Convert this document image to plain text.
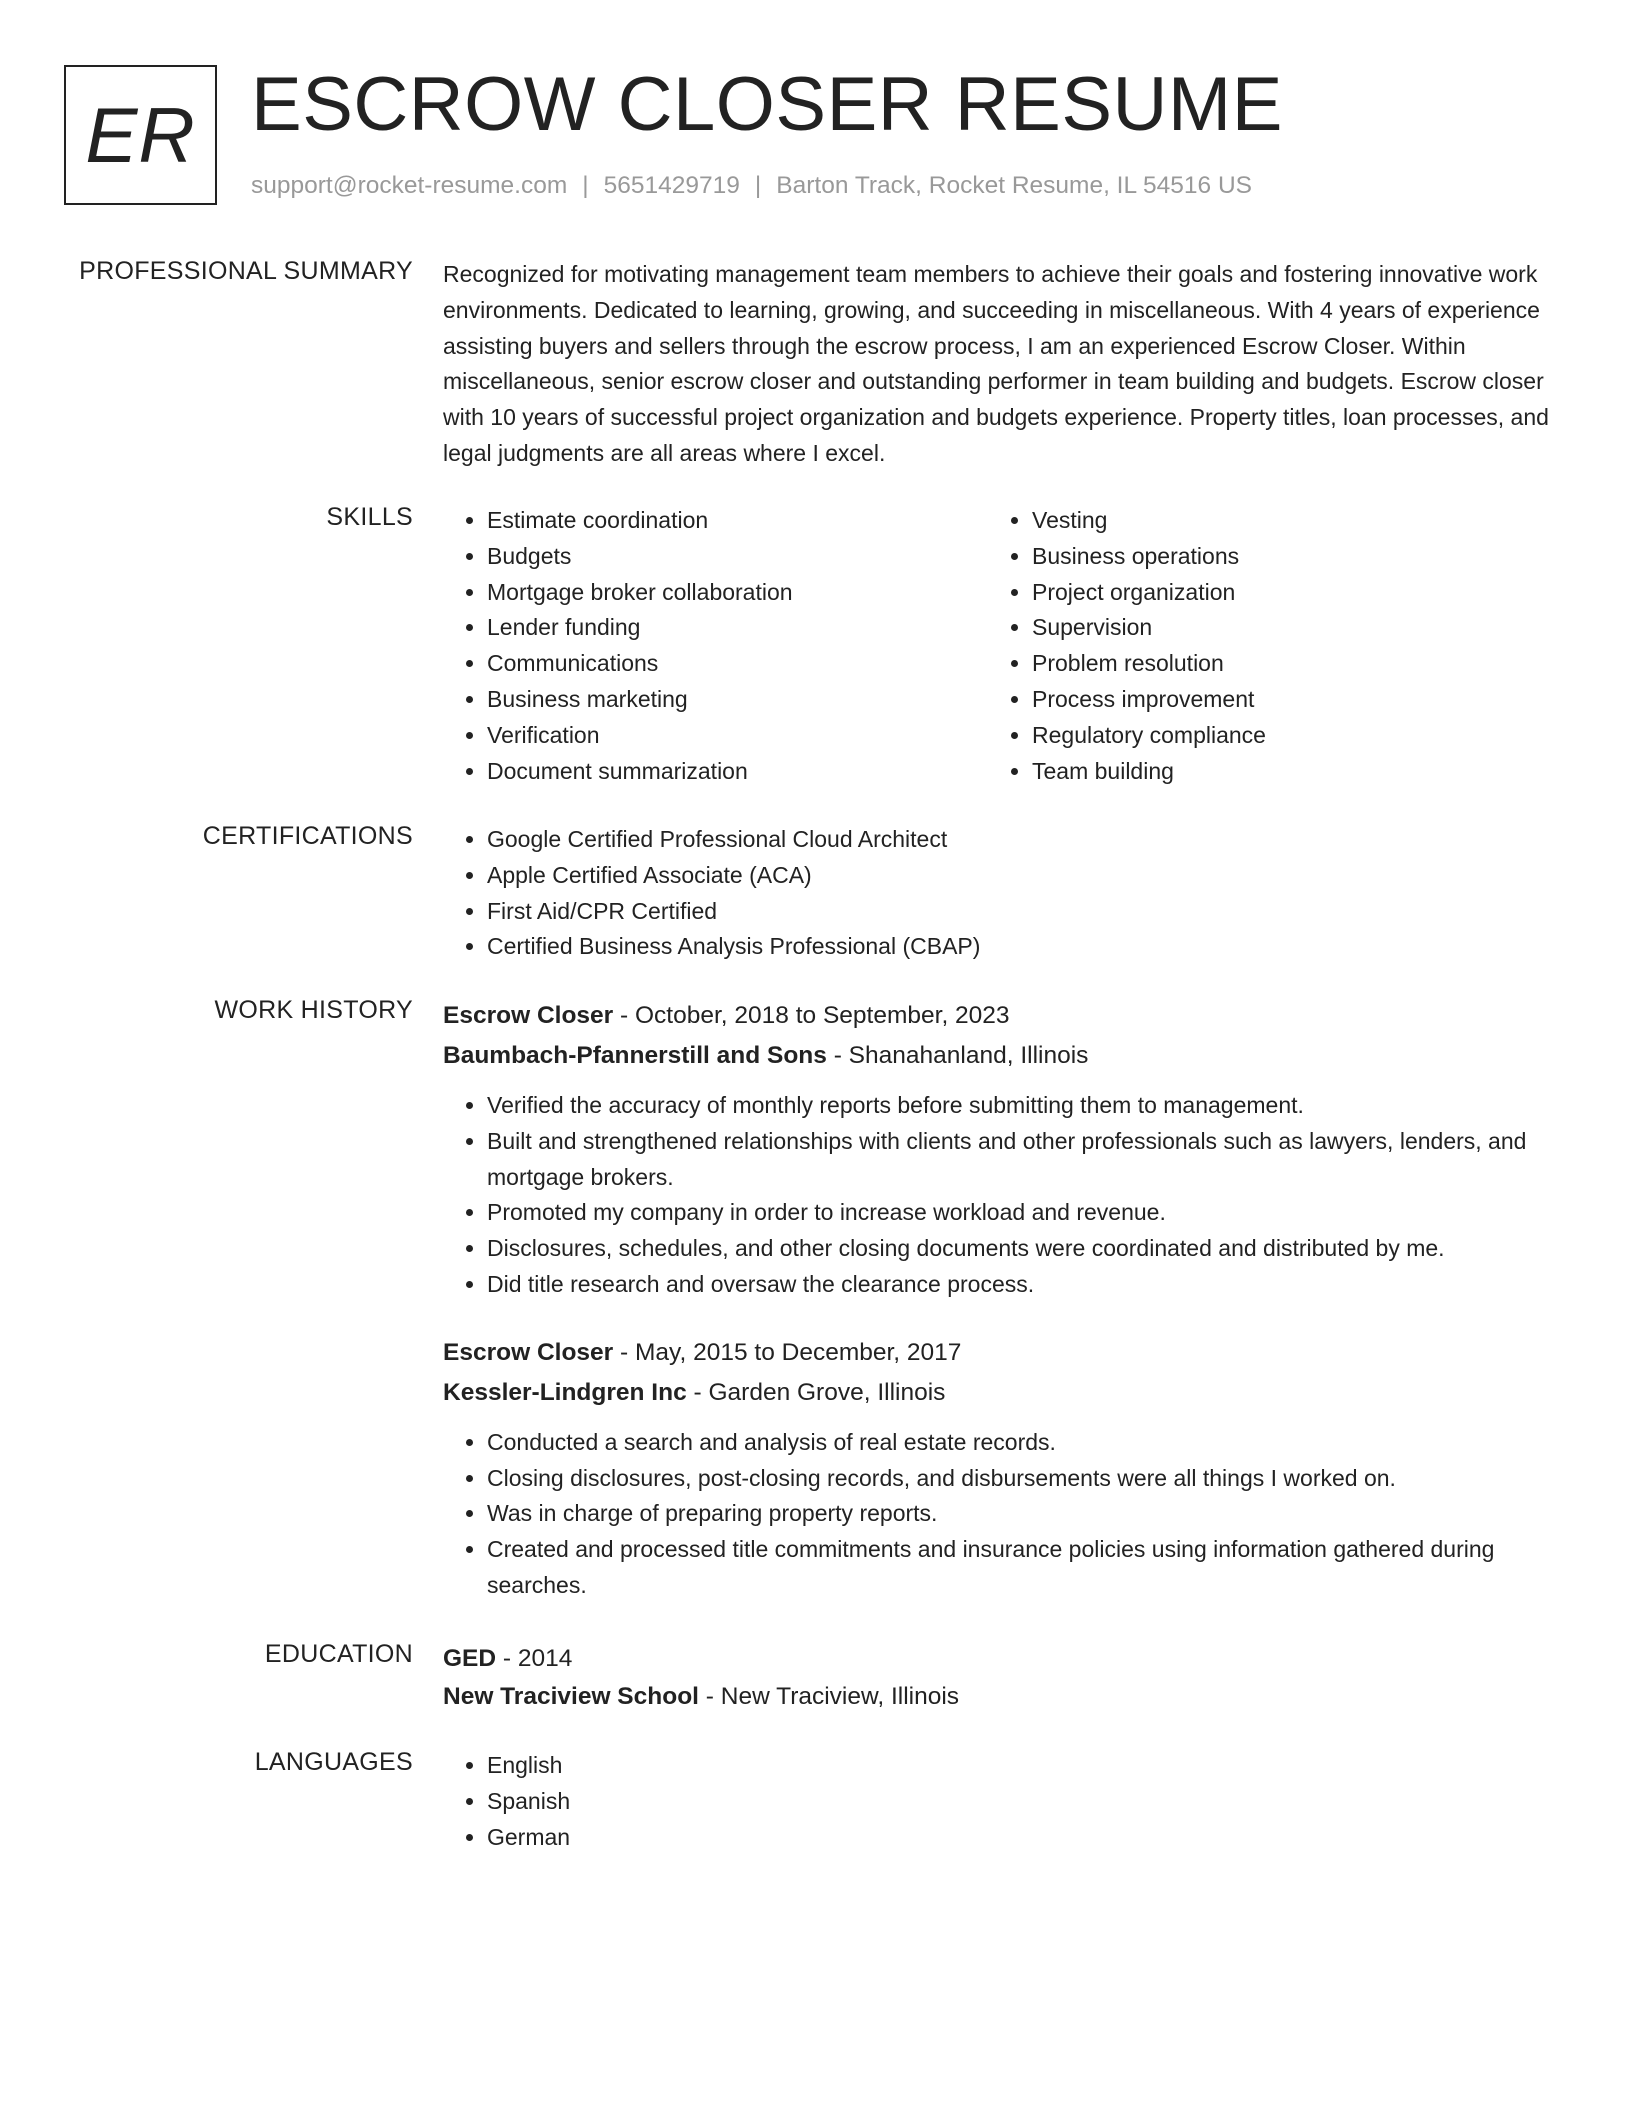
ER ESCROW CLOSER RESUME
support@rocket-resume.com | 5651429719 | Barton Track, Rocket Resume, IL 54516 US
PROFESSIONAL SUMMARY Recognized for motivating management team members to achieve their goals and fostering innovative work environments. Dedicated to learning, growing, and succeeding in miscellaneous. With 4 years of experience assisting buyers and sellers through the escrow process, I am an experienced Escrow Closer. Within miscellaneous, senior escrow closer and outstanding performer in team building and budgets. Escrow closer with 10 years of successful project organization and budgets experience. Property titles, loan processes, and legal judgments are all areas where I excel.

SKILLS	• Estimate coordination
• Budgets
• Mortgage broker collaboration
• Lender funding
• Communications
• Business marketing
• Verification
• Document summarization
• Vesting
• Business operations
• Project organization
• Supervision
• Problem resolution
• Process improvement
• Regulatory compliance
• Team building
CERTIFICATIONS	• Google Certified Professional Cloud Architect
• Apple Certified Associate (ACA)
• First Aid/CPR Certified
• Certified Business Analysis Professional (CBAP)
WORK HISTORY Escrow Closer - October, 2018 to September, 2023
Baumbach-Pfannerstill and Sons - Shanahanland, Illinois
• Verified the accuracy of monthly reports before submitting them to management.
• Built and strengthened relationships with clients and other professionals such as lawyers, lenders, and mortgage brokers.
• Promoted my company in order to increase workload and revenue.
• Disclosures, schedules, and other closing documents were coordinated and distributed by me.
• Did title research and oversaw the clearance process.
Escrow Closer - May, 2015 to December, 2017
Kessler-Lindgren Inc - Garden Grove, Illinois
• Conducted a search and analysis of real estate records.
• Closing disclosures, post-closing records, and disbursements were all things I worked on.
• Was in charge of preparing property reports.
• Created and processed title commitments and insurance policies using information gathered during searches.
EDUCATION GED - 2014
New Traciview School - New Traciview, Illinois
LANGUAGES	• English
• Spanish
• German
